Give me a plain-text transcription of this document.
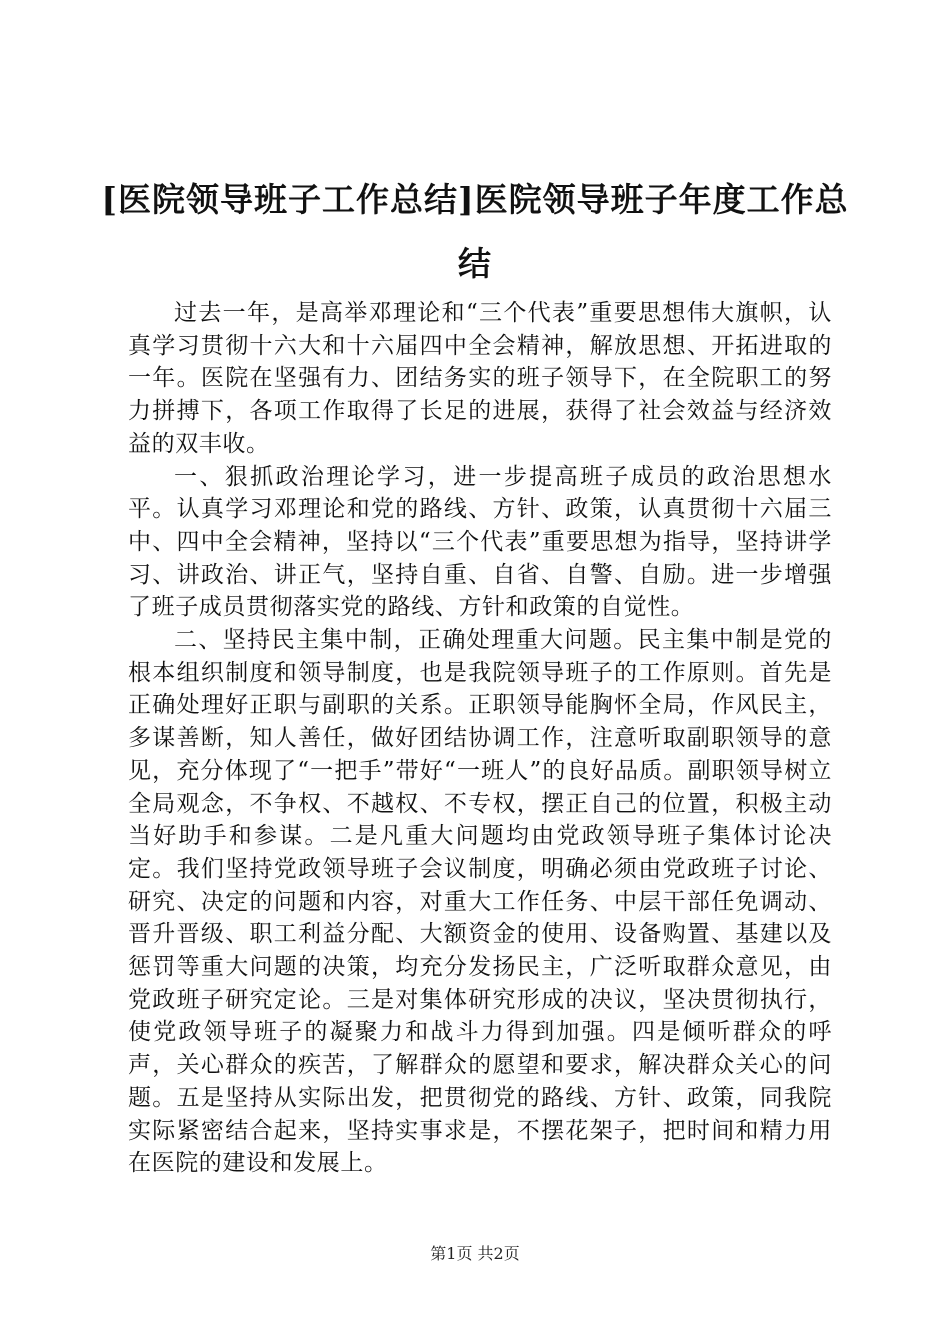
[医院领导班子工作总结]医院领导班子年度工作总结

过去一年，是高举邓理论和“三个代表”重要思想伟大旗帜，认真学习贯彻十六大和十六届四中全会精神，解放思想、开拓进取的一年。医院在坚强有力、团结务实的班子领导下，在全院职工的努力拼搏下，各项工作取得了长足的进展，获得了社会效益与经济效益的双丰收。

一、狠抓政治理论学习，进一步提高班子成员的政治思想水平。认真学习邓理论和党的路线、方针、政策，认真贯彻十六届三中、四中全会精神，坚持以“三个代表”重要思想为指导，坚持讲学习、讲政治、讲正气，坚持自重、自省、自警、自励。进一步增强了班子成员贯彻落实党的路线、方针和政策的自觉性。

二、坚持民主集中制，正确处理重大问题。民主集中制是党的根本组织制度和领导制度，也是我院领导班子的工作原则。首先是正确处理好正职与副职的关系。正职领导能胸怀全局，作风民主，多谋善断，知人善任，做好团结协调工作，注意听取副职领导的意见，充分体现了“一把手”带好“一班人”的良好品质。副职领导树立全局观念，不争权、不越权、不专权，摆正自己的位置，积极主动当好助手和参谋。二是凡重大问题均由党政领导班子集体讨论决定。我们坚持党政领导班子会议制度，明确必须由党政班子讨论、研究、决定的问题和内容，对重大工作任务、中层干部任免调动、晋升晋级、职工利益分配、大额资金的使用、设备购置、基建以及惩罚等重大问题的决策，均充分发扬民主，广泛听取群众意见，由党政班子研究定论。三是对集体研究形成的决议，坚决贯彻执行，使党政领导班子的凝聚力和战斗力得到加强。四是倾听群众的呼声，关心群众的疾苦，了解群众的愿望和要求，解决群众关心的问题。五是坚持从实际出发，把贯彻党的路线、方针、政策，同我院实际紧密结合起来，坚持实事求是，不摆花架子，把时间和精力用在医院的建设和发展上。

第1页 共2页
